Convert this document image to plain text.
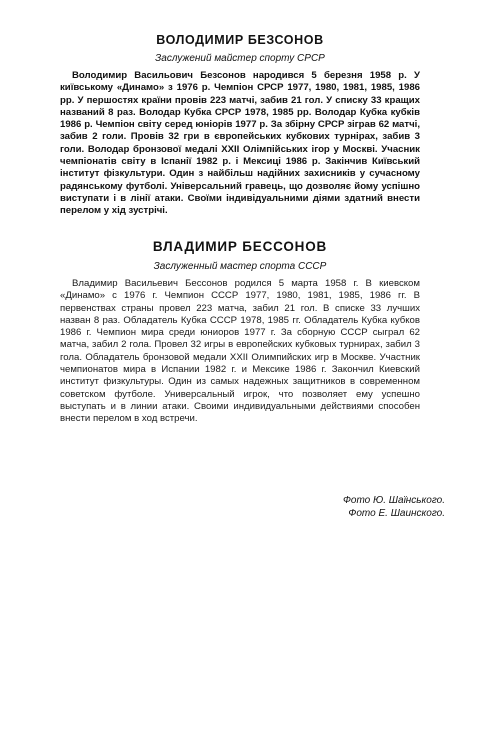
ВОЛОДИМИР БЕЗСОНОВ
Заслужений майстер спорту СРСР

Володимир Васильович Безсонов народився 5 березня 1958 р. У київському «Динамо» з 1976 р. Чемпіон СРСР 1977, 1980, 1981, 1985, 1986 рр. У першостях країни провів 223 матчі, забив 21 гол. У списку 33 кращих названий 8 раз. Володар Кубка СРСР 1978, 1985 рр. Володар Кубка кубків 1986 р. Чемпіон світу серед юніорів 1977 р. За збірну СРСР зіграв 62 матчі, забив 2 голи. Провів 32 гри в європейських кубкових турнірах, забив 3 голи. Володар бронзової медалі XXII Олімпійських ігор у Москві. Учасник чемпіонатів світу в Іспанії 1982 р. і Мексиці 1986 р. Закінчив Київський інститут фізкультури. Один з найбільш надійних захисників у сучасному радянському футболі. Універсальний гравець, що дозволяє йому успішно виступати і в лінії атаки. Своїми індивідуальними діями здатний внести перелом у хід зустрічі.

ВЛАДИМИР БЕССОНОВ
Заслуженный мастер спорта СССР

Владимир Васильевич Бессонов родился 5 марта 1958 г. В киевском «Динамо» с 1976 г. Чемпион СССР 1977, 1980, 1981, 1985, 1986 гг. В первенствах страны провел 223 матча, забил 21 гол. В списке 33 лучших назван 8 раз. Обладатель Кубка СССР 1978, 1985 гг. Обладатель Кубка кубков 1986 г. Чемпион мира среди юниоров 1977 г. За сборную СССР сыграл 62 матча, забил 2 гола. Провел 32 игры в европейских кубковых турнирах, забил 3 гола. Обладатель бронзовой медали XXII Олимпийских игр в Москве. Участник чемпионатов мира в Испании 1982 г. и Мексике 1986 г. Закончил Киевский институт физкультуры. Один из самых надежных защитников в современном советском футболе. Универсальный игрок, что позволяет ему успешно выступать и в линии атаки. Своими индивидуальными действиями способен внести перелом в ход встречи.

Фото Ю. Шаїнського.
Фото Е. Шаинского.
